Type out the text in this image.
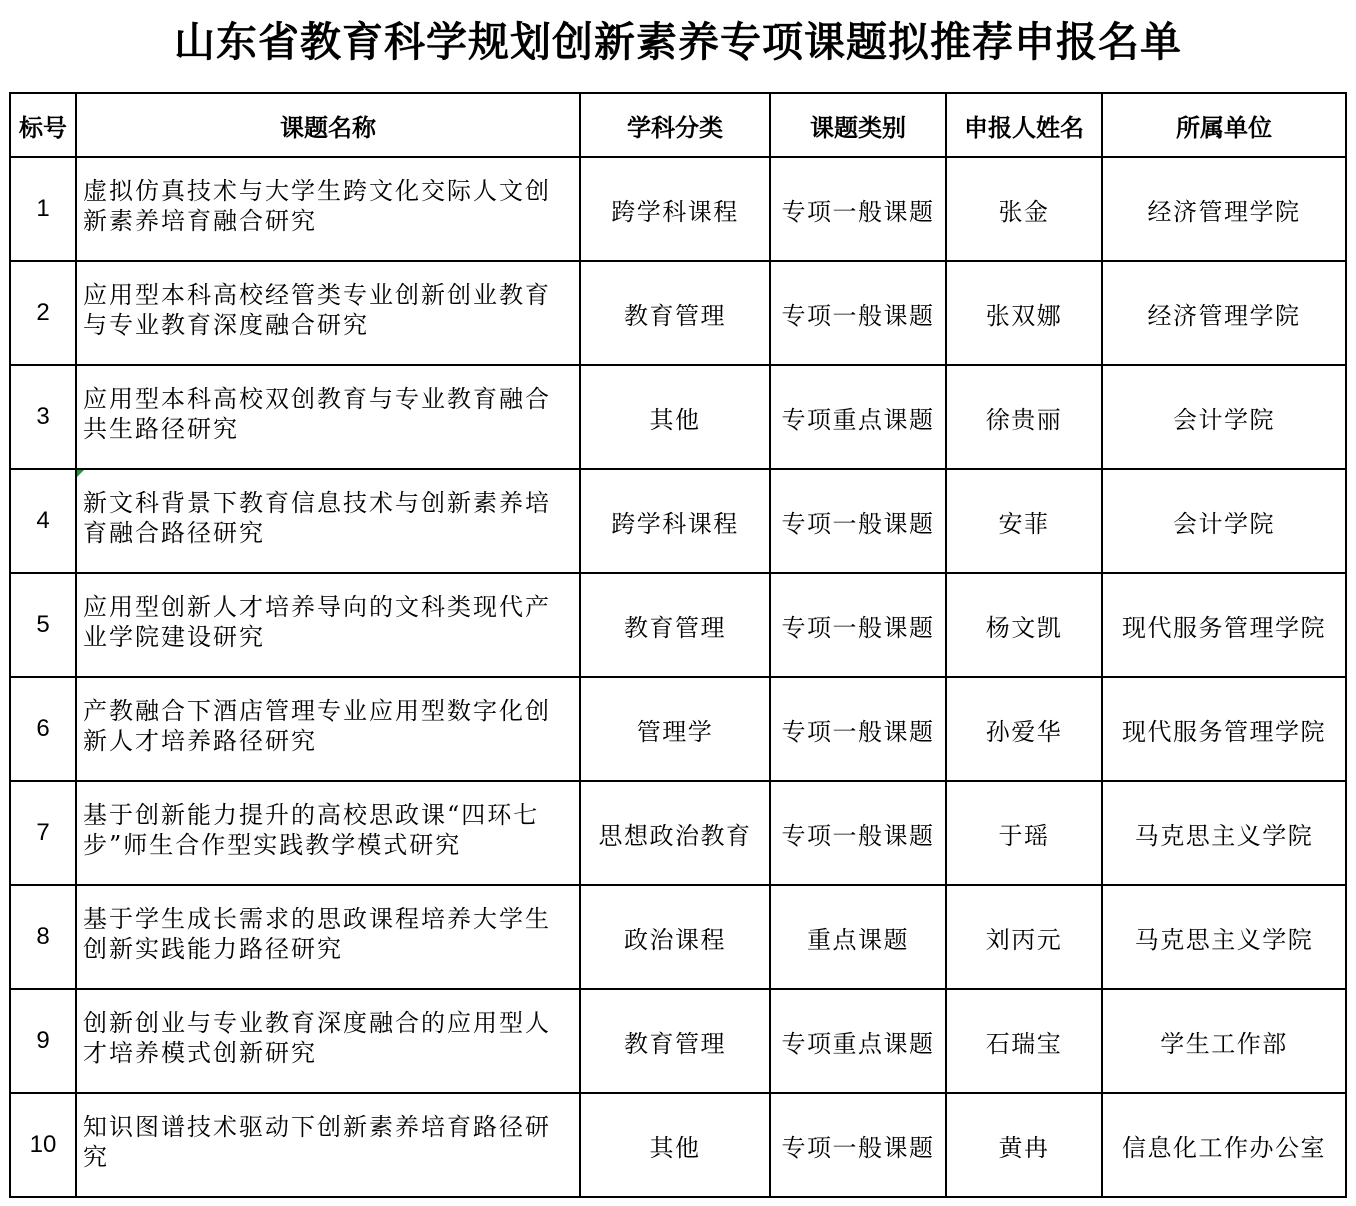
山东省教育科学规划创新素养专项课题拟推荐申报名单
标号	课题名称	学科分类	课题类别	申报人姓名	所属单位
1	虚拟仿真技术与大学生跨文化交际人文创新素养培育融合研究	跨学科课程	专项一般课题	张金	经济管理学院
2	应用型本科高校经管类专业创新创业教育与专业教育深度融合研究	教育管理	专项一般课题	张双娜	经济管理学院
3	应用型本科高校双创教育与专业教育融合共生路径研究	其他	专项重点课题	徐贵丽	会计学院
4	新文科背景下教育信息技术与创新素养培育融合路径研究	跨学科课程	专项一般课题	安菲	会计学院
5	应用型创新人才培养导向的文科类现代产业学院建设研究	教育管理	专项一般课题	杨文凯	现代服务管理学院
6	产教融合下酒店管理专业应用型数字化创新人才培养路径研究	管理学	专项一般课题	孙爱华	现代服务管理学院
7	基于创新能力提升的高校思政课“四环七步”师生合作型实践教学模式研究	思想政治教育	专项一般课题	于瑶	马克思主义学院
8	基于学生成长需求的思政课程培养大学生创新实践能力路径研究	政治课程	重点课题	刘丙元	马克思主义学院
9	创新创业与专业教育深度融合的应用型人才培养模式创新研究	教育管理	专项重点课题	石瑞宝	学生工作部
10	知识图谱技术驱动下创新素养培育路径研究	其他	专项一般课题	黄冉	信息化工作办公室
